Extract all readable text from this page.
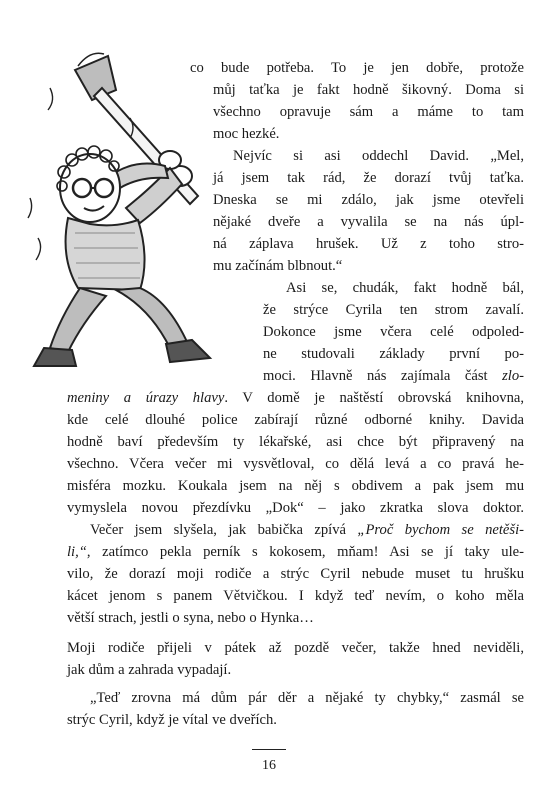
co bude potřeba. To je jen dobře, protože
můj taťka je fakt hodně šikovný. Doma si
všechno opravuje sám a máme to tam
moc hezké.
Nejvíc si asi oddechl David. „Mel,
já jsem tak rád, že dorazí tvůj taťka.
Dneska se mi zdálo, jak jsme otevřeli
nějaké dveře a vyvalila se na nás úpl-
ná záplava hrušek. Už z toho stro-
mu začínám blbnout.“
Asi se, chudák, fakt hodně bál,
že strýce Cyrila ten strom zavalí.
Dokonce jsme včera celé odpoled-
ne studovali základy první po-
moci. Hlavně nás zajímala část zlo-
meniny a úrazy hlavy. V domě je naštěstí obrovská knihovna,
kde celé dlouhé police zabírají různé odborné knihy. Davida
hodně baví především ty lékařské, asi chce být připravený na
všechno. Včera večer mi vysvětloval, co dělá levá a co pravá he-
misféra mozku. Koukala jsem na něj s obdivem a pak jsem mu
vymyslela novou přezdívku „Dok“ – jako zkratka slova doktor.
Večer jsem slyšela, jak babička zpívá „Proč bychom se netěši-
li,“, zatímco pekla perník s kokosem, mňam! Asi se jí taky ule-
vilo, že dorazí moji rodiče a strýc Cyril nebude muset tu hrušku
kácet jenom s panem Větvičkou. I když teď nevím, o koho měla
větší strach, jestli o syna, nebo o Hynka…
Moji rodiče přijeli v pátek až pozdě večer, takže hned neviděli,
jak dům a zahrada vypadají.
„Teď zrovna má dům pár děr a nějaké ty chybky,“ zasmál se
strýc Cyril, když je vítal ve dveřích.
16
